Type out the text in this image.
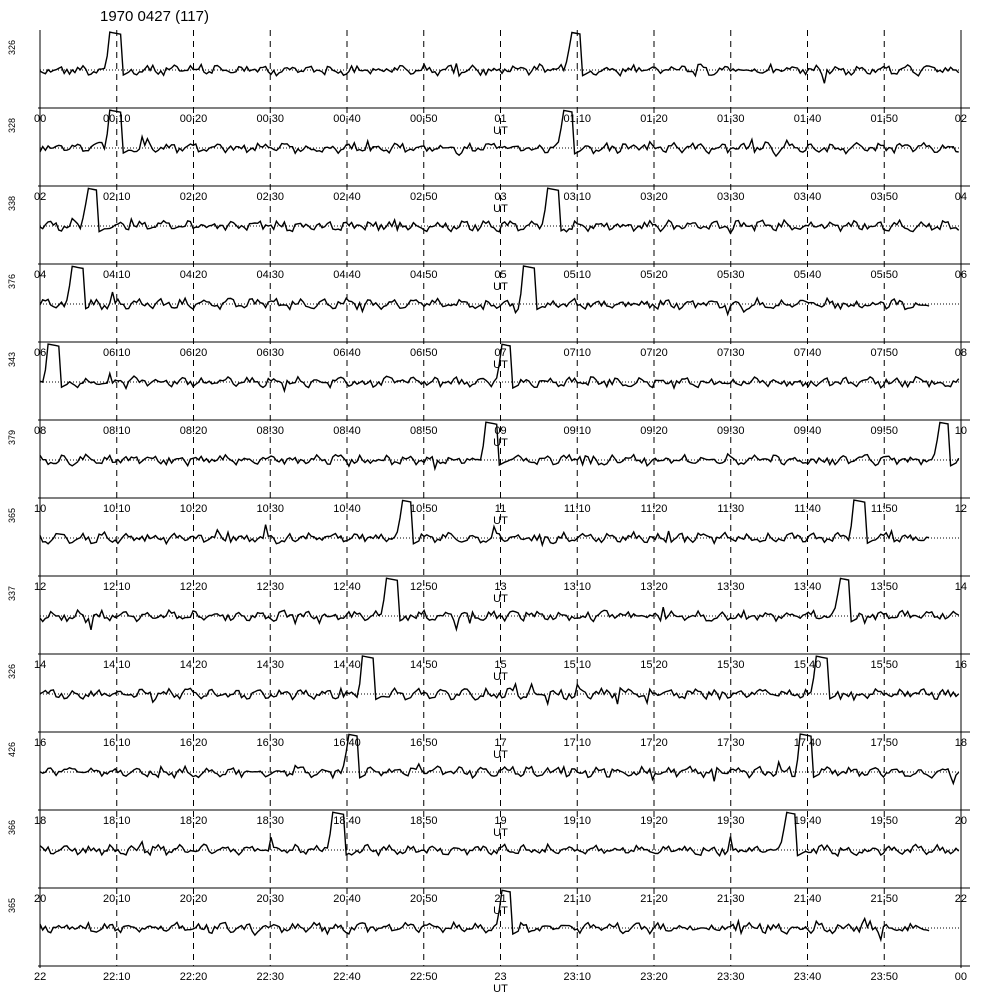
1970 0427 (117)
326
00	00:10	00:20	00:30	00:40	00:50	01	01:10	01:20	01:30	01:40	01:50	02
UT
328
02	02:10	02:20	02:30	02:40	02:50	03	03:10	03:20	03:30	03:40	03:50	04
UT
338
04	04:10	04:20	04:30	04:40	04:50	05	05:10	05:20	05:30	05:40	05:50	06
UT
376
06	06:10	06:20	06:30	06:40	06:50	07	07:10	07:20	07:30	07:40	07:50	08
UT
343
08	08:10	08:20	08:30	08:40	08:50	09	09:10	09:20	09:30	09:40	09:50	10
UT
379
10	10:10	10:20	10:30	10:40	10:50	11	11:10	11:20	11:30	11:40	11:50	12
UT
365
12	12:10	12:20	12:30	12:40	12:50	13	13:10	13:20	13:30	13:40	13:50	14
UT
337
14	14:10	14:20	14:30	14:40	14:50	15	15:10	15:20	15:30	15:40	15:50	16
UT
326
16	16:10	16:20	16:30	16:40	16:50	17	17:10	17:20	17:30	17:40	17:50	18
UT
426
18	18:10	18:20	18:30	18:40	18:50	19	19:10	19:20	19:30	19:40	19:50	20
UT
366
20	20:10	20:20	20:30	20:40	20:50	21	21:10	21:20	21:30	21:40	21:50	22
UT
365
22	22:10	22:20	22:30	22:40	22:50	23	23:10	23:20	23:30	23:40	23:50	00
UT
